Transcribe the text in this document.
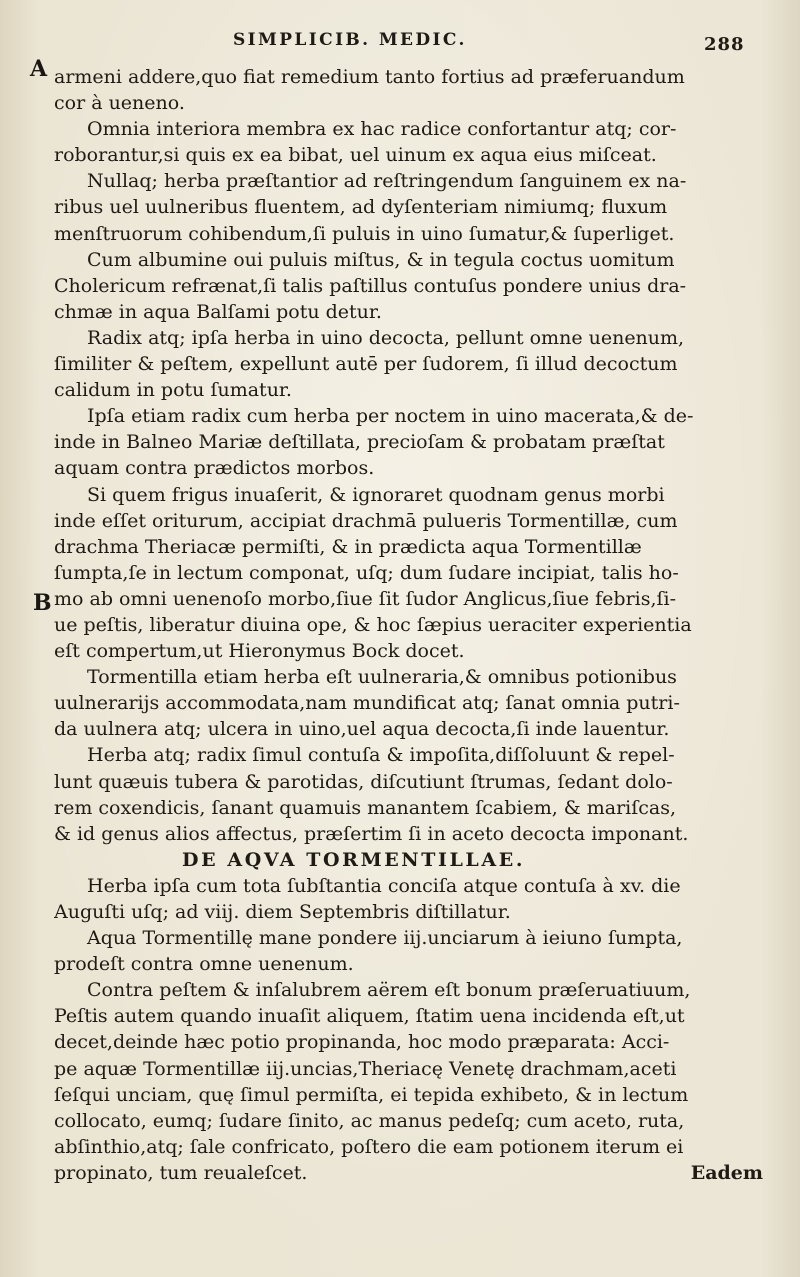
A
B
SIMPLICIB. MEDIC.	288
armeni addere,quo fiat remedium tanto fortius ad præferuandum
cor à ueneno.
Omnia interiora membra ex hac radice confortantur atq; cor-
roborantur,si quis ex ea bibat, uel uinum ex aqua eius miſceat.
Nullaq; herba præſtantior ad reſtringendum ſanguinem ex na-
ribus uel uulneribus fluentem, ad dyſenteriam nimiumq; fluxum
menſtruorum cohibendum,ſi puluis in uino ſumatur,& ſuperliget.
Cum albumine oui puluis miſtus, & in tegula coctus uomitum
Cholericum refrænat,ſi talis paſtillus contuſus pondere unius dra-
chmæ in aqua Balſami potu detur.
Radix atq; ipſa herba in uino decocta, pellunt omne uenenum,
ſimiliter & peſtem, expellunt autē per ſudorem, ſi illud decoctum
calidum in potu ſumatur.
Ipſa etiam radix cum herba per noctem in uino macerata,& de-
inde in Balneo Mariæ deſtillata, precioſam & probatam præſtat
aquam contra prædictos morbos.
Si quem frigus inuaſerit, & ignoraret quodnam genus morbi
inde eſſet oriturum, accipiat drachmā pulueris Tormentillæ, cum
drachma Theriacæ permiſti, & in prædicta aqua Tormentillæ
ſumpta,ſe in lectum componat, uſq; dum ſudare incipiat, talis ho-
mo ab omni uenenoſo morbo,ſiue ſit ſudor Anglicus,ſiue febris,ſi-
ue peſtis, liberatur diuina ope, & hoc ſæpius ueraciter experientia
eſt compertum,ut Hieronymus Bock docet.
Tormentilla etiam herba eſt uulneraria,& omnibus potionibus
uulnerarijs accommodata,nam mundificat atq; ſanat omnia putri-
da uulnera atq; ulcera in uino,uel aqua decocta,ſi inde lauentur.
Herba atq; radix ſimul contuſa & impoſita,diſſoluunt & repel-
lunt quæuis tubera & parotidas, diſcutiunt ſtrumas, ſedant dolo-
rem coxendicis, ſanant quamuis manantem ſcabiem, & mariſcas,
& id genus alios affectus, præſertim ſi in aceto decocta imponant.
DE AQVA TORMENTILLAE.
Herba ipſa cum tota ſubſtantia conciſa atque contuſa à xv. die
Auguſti uſq; ad viij. diem Septembris diſtillatur.
Aqua Tormentillę mane pondere iij.unciarum à ieiuno ſumpta,
prodeſt contra omne uenenum.
Contra peſtem & inſalubrem aërem eſt bonum præſeruatiuum,
Peſtis autem quando inuaſit aliquem, ſtatim uena incidenda eſt,ut
decet,deinde hæc potio propinanda, hoc modo præparata: Acci-
pe aquæ Tormentillæ iij.uncias,Theriacę Venetę drachmam,aceti
ſeſqui unciam, quę ſimul permiſta, ei tepida exhibeto, & in lectum
collocato, eumq; ſudare ſinito, ac manus pedeſq; cum aceto, ruta,
abſinthio,atq; ſale confricato, poſtero die eam potionem iterum ei
propinato, tum reualeſcet.	Eadem
